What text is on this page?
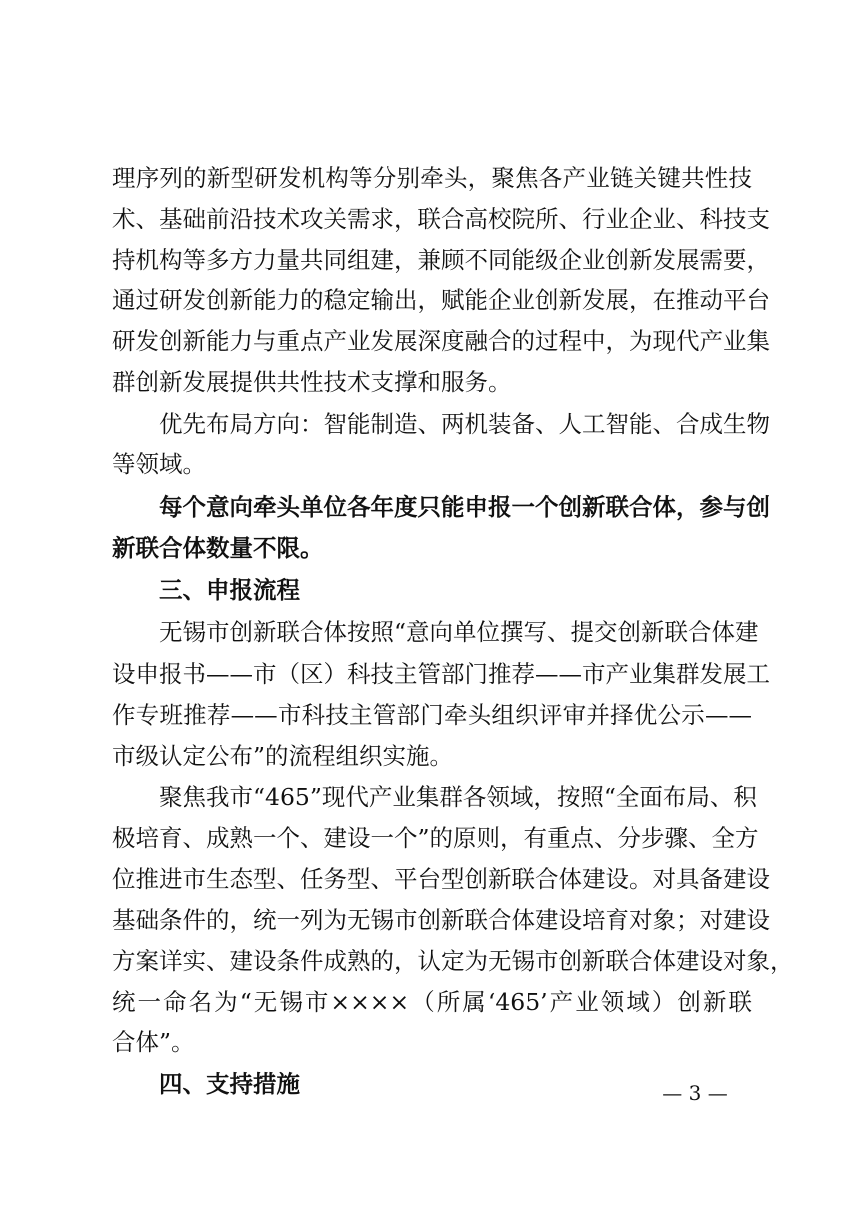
理序列的新型研发机构等分别牵头，聚焦各产业链关键共性技
术、基础前沿技术攻关需求，联合高校院所、行业企业、科技支
持机构等多方力量共同组建，兼顾不同能级企业创新发展需要，
通过研发创新能力的稳定输出，赋能企业创新发展，在推动平台
研发创新能力与重点产业发展深度融合的过程中，为现代产业集
群创新发展提供共性技术支撑和服务。
优先布局方向：智能制造、两机装备、人工智能、合成生物
等领域。
每个意向牵头单位各年度只能申报一个创新联合体，参与创
新联合体数量不限。
三、申报流程
无锡市创新联合体按照“意向单位撰写、提交创新联合体建
设申报书——市（区）科技主管部门推荐——市产业集群发展工
作专班推荐——市科技主管部门牵头组织评审并择优公示——
市级认定公布”的流程组织实施。
聚焦我市“465”现代产业集群各领域，按照“全面布局、积
极培育、成熟一个、建设一个”的原则，有重点、分步骤、全方
位推进市生态型、任务型、平台型创新联合体建设。对具备建设
基础条件的，统一列为无锡市创新联合体建设培育对象；对建设
方案详实、建设条件成熟的，认定为无锡市创新联合体建设对象，
统一命名为“无锡市××××（所属‘465’产业领域）创新联
合体”。
四、支持措施	— 3 —
